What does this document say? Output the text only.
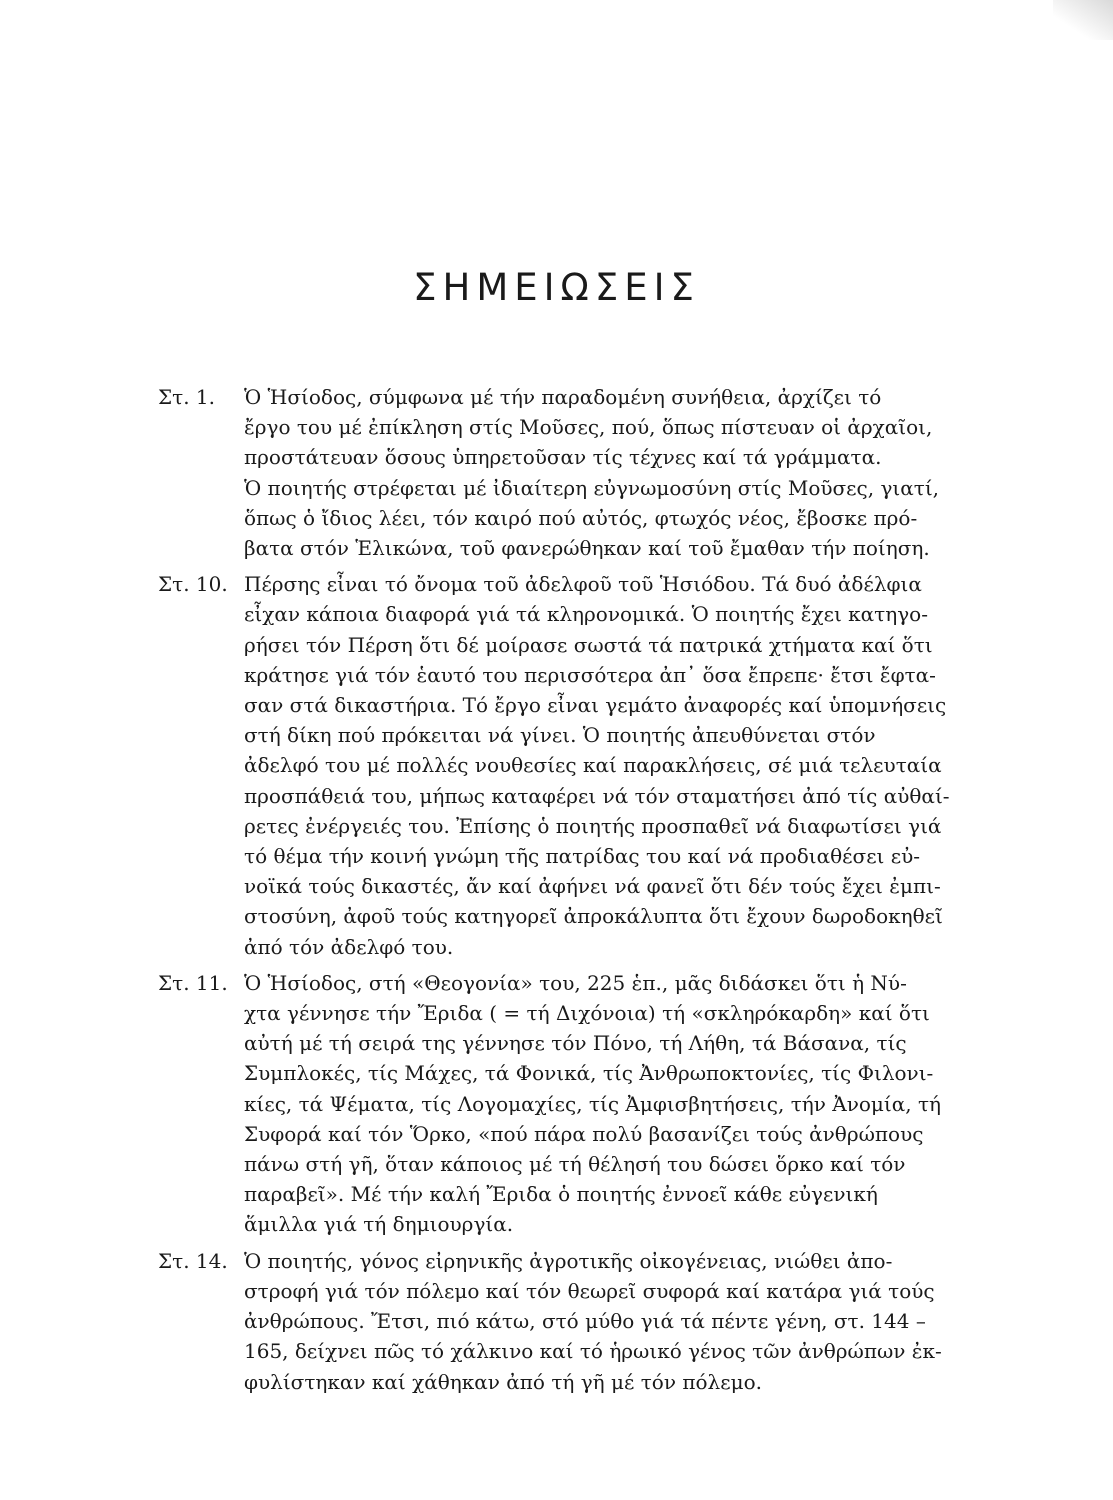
ΣΗΜΕΙΩΣΕΙΣ
Στ. 1. Ὁ Ἡσίοδος, σύμφωνα μέ τήν παραδομένη συνήθεια, ἀρχίζει τό
ἔργο του μέ ἐπίκληση στίς Μοῦσες, πού, ὅπως πίστευαν οἱ ἀρχαῖοι,
προστάτευαν ὅσους ὑπηρετοῦσαν τίς τέχνες καί τά γράμματα.
Ὁ ποιητής στρέφεται μέ ἰδιαίτερη εὐγνωμοσύνη στίς Μοῦσες, γιατί,
ὅπως ὁ ἴδιος λέει, τόν καιρό πού αὐτός, φτωχός νέος, ἔβοσκε πρό-
βατα στόν Ἑλικώνα, τοῦ φανερώθηκαν καί τοῦ ἔμαθαν τήν ποίηση.
Στ. 10. Πέρσης εἶναι τό ὄνομα τοῦ ἀδελφοῦ τοῦ Ἡσιόδου. Τά δυό ἀδέλφια
εἶχαν κάποια διαφορά γιά τά κληρονομικά. Ὁ ποιητής ἔχει κατηγο-
ρήσει τόν Πέρση ὅτι δέ μοίρασε σωστά τά πατρικά χτήματα καί ὅτι
κράτησε γιά τόν ἑαυτό του περισσότερα ἀπ᾽ ὅσα ἔπρεπε· ἔτσι ἔφτα-
σαν στά δικαστήρια. Τό ἔργο εἶναι γεμάτο ἀναφορές καί ὑπομνήσεις
στή δίκη πού πρόκειται νά γίνει. Ὁ ποιητής ἀπευθύνεται στόν
ἀδελφό του μέ πολλές νουθεσίες καί παρακλήσεις, σέ μιά τελευταία
προσπάθειά του, μήπως καταφέρει νά τόν σταματήσει ἀπό τίς αὐθαί-
ρετες ἐνέργειές του. Ἐπίσης ὁ ποιητής προσπαθεῖ νά διαφωτίσει γιά
τό θέμα τήν κοινή γνώμη τῆς πατρίδας του καί νά προδιαθέσει εὐ-
νοϊκά τούς δικαστές, ἄν καί ἀφήνει νά φανεῖ ὅτι δέν τούς ἔχει ἐμπι-
στοσύνη, ἀφοῦ τούς κατηγορεῖ ἀπροκάλυπτα ὅτι ἔχουν δωροδοκηθεῖ
ἀπό τόν ἀδελφό του.
Στ. 11. Ὁ Ἡσίοδος, στή «Θεογονία» του, 225 ἑπ., μᾶς διδάσκει ὅτι ἡ Νύ-
χτα γέννησε τήν Ἔριδα ( = τή Διχόνοια) τή «σκληρόκαρδη» καί ὅτι
αὐτή μέ τή σειρά της γέννησε τόν Πόνο, τή Λήθη, τά Βάσανα, τίς
Συμπλοκές, τίς Μάχες, τά Φονικά, τίς Ἀνθρωποκτονίες, τίς Φιλονι-
κίες, τά Ψέματα, τίς Λογομαχίες, τίς Ἀμφισβητήσεις, τήν Ἀνομία, τή
Συφορά καί τόν Ὅρκο, «πού πάρα πολύ βασανίζει τούς ἀνθρώπους
πάνω στή γῆ, ὅταν κάποιος μέ τή θέλησή του δώσει ὅρκο καί τόν
παραβεῖ». Μέ τήν καλή Ἔριδα ὁ ποιητής ἐννοεῖ κάθε εὐγενική
ἅμιλλα γιά τή δημιουργία.
Στ. 14. Ὁ ποιητής, γόνος εἰρηνικῆς ἀγροτικῆς οἰκογένειας, νιώθει ἀπο-
στροφή γιά τόν πόλεμο καί τόν θεωρεῖ συφορά καί κατάρα γιά τούς
ἀνθρώπους. Ἔτσι, πιό κάτω, στό μύθο γιά τά πέντε γένη, στ. 144 –
165, δείχνει πῶς τό χάλκινο καί τό ἡρωικό γένος τῶν ἀνθρώπων ἐκ-
φυλίστηκαν καί χάθηκαν ἀπό τή γῆ μέ τόν πόλεμο.
